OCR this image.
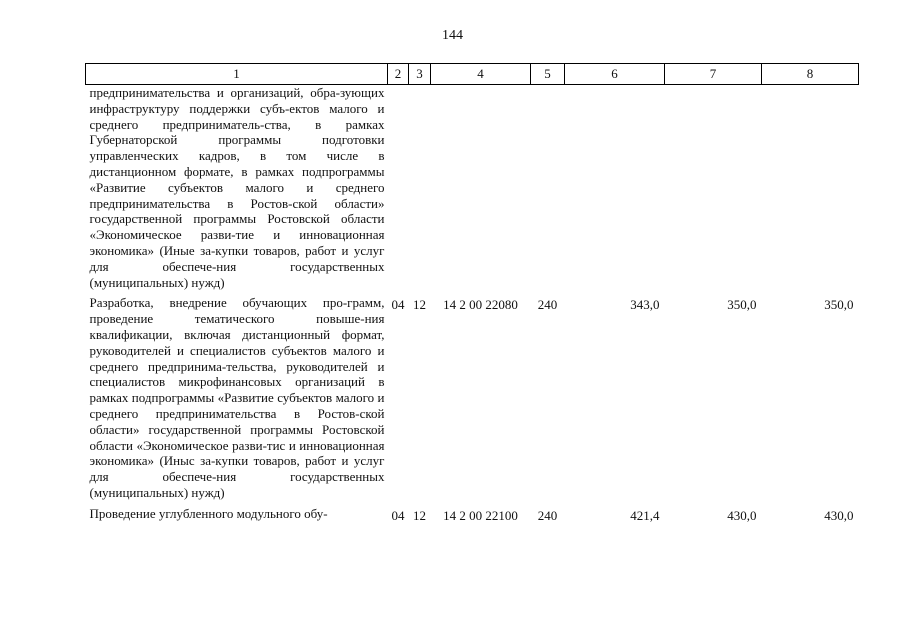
144
1	2	3	4	5	6	7	8
предпринимательства и организаций, обра-зующих инфраструктуру поддержки субъ-ектов малого и среднего предприниматель-ства, в рамках Губернаторской программы подготовки управленческих кадров, в том числе в дистанционном формате, в рамках подпрограммы «Развитие субъектов малого и среднего предпринимательства в Ростов-ской области» государственной программы Ростовской области «Экономическое разви-тие и инновационная экономика» (Иные за-купки товаров, работ и услуг для обеспече-ния государственных (муниципальных) нужд)							
Разработка, внедрение обучающих про-грамм, проведение тематического повыше-ния квалификации, включая дистанционный формат, руководителей и специалистов субъектов малого и среднего предпринима-тельства, руководителей и специалистов микрофинансовых организаций в рамках подпрограммы «Развитие субъектов малого и среднего предпринимательства в Ростов-ской области» государственной программы Ростовской области «Экономическое разви-тис и инновационная экономика» (Иныс за-купки товаров, работ и услуг для обеспече-ния государственных (муниципальных) нужд)	04	12	14 2 00 22080	240	343,0	350,0	350,0
Проведение углубленного модульного обу-	04	12	14 2 00 22100	240	421,4	430,0	430,0
